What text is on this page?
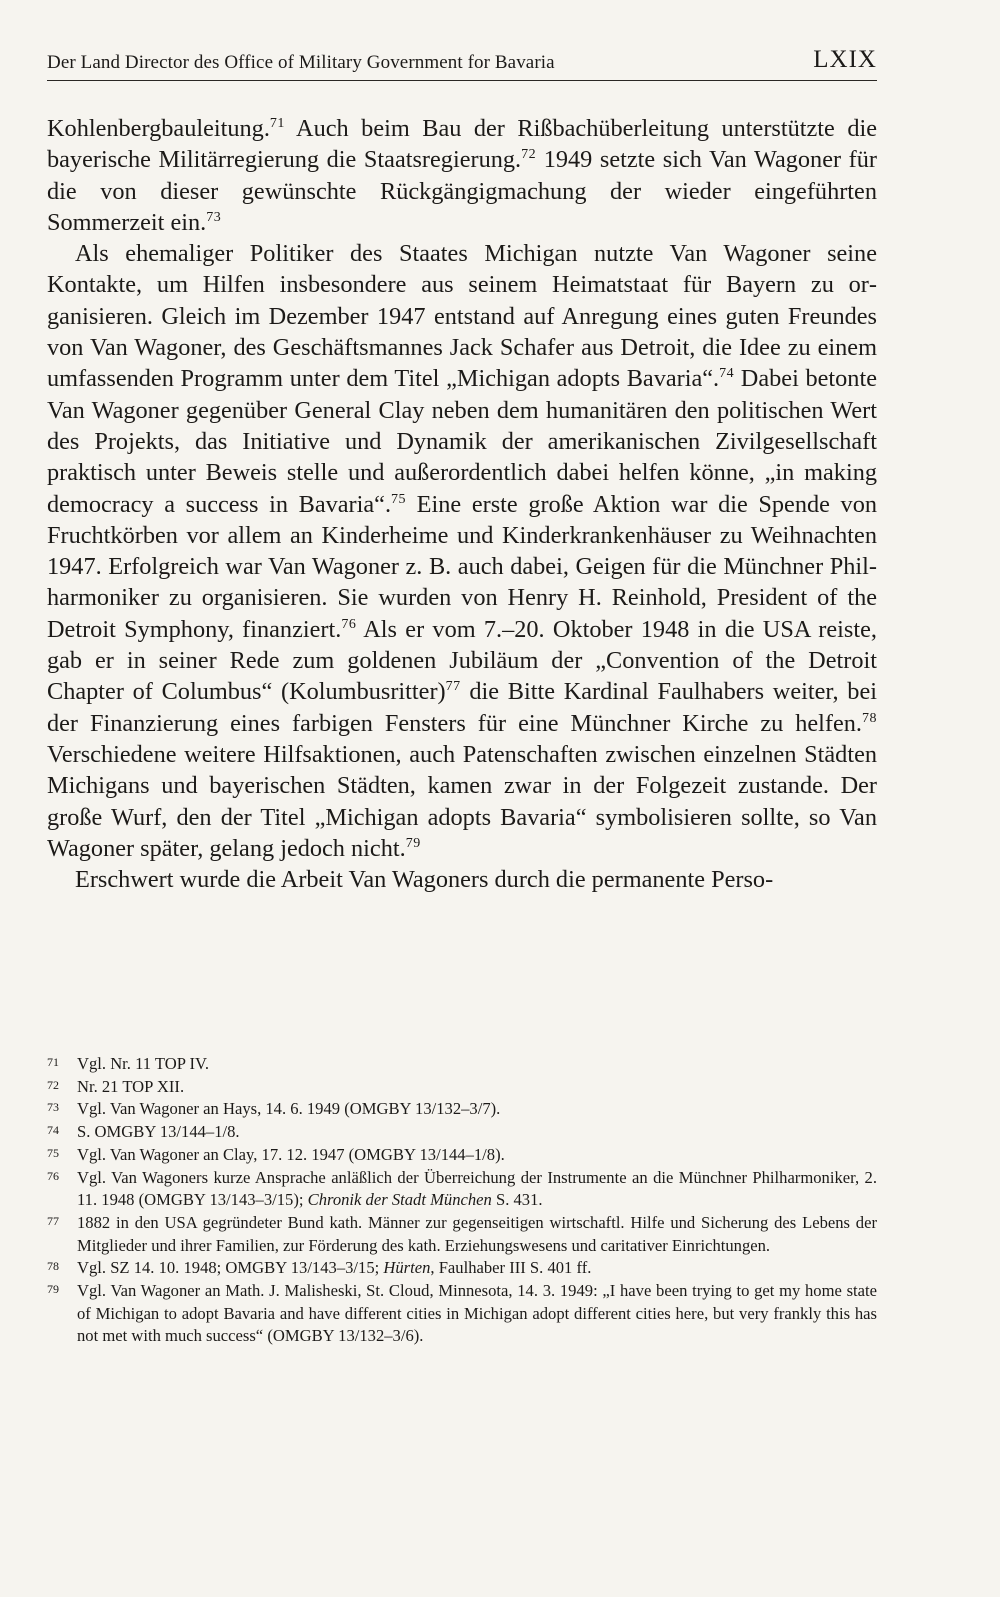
Der Land Director des Office of Military Government for Bavaria	LXIX

Kohlenbergbauleitung.$^{71}$ Auch beim Bau der Rißbachüberleitung unterstützte die bayerische Militärregierung die Staatsregierung.$^{72}$ 1949 setzte sich Van Wagoner für die von dieser gewünschte Rückgängigmachung der wieder eingeführten Sommerzeit ein.$^{73}$

Als ehemaliger Politiker des Staates Michigan nutzte Van Wagoner seine Kontakte, um Hilfen insbesondere aus seinem Heimatstaat für Bayern zu organisieren. Gleich im Dezember 1947 entstand auf Anregung eines guten Freundes von Van Wagoner, des Geschäftsmannes Jack Schafer aus Detroit, die Idee zu einem umfassenden Programm unter dem Titel „Michigan adopts Bavaria“.$^{74}$ Dabei betonte Van Wagoner gegenüber General Clay neben dem humanitären den politischen Wert des Projekts, das Initiative und Dynamik der amerikanischen Zivilgesellschaft praktisch unter Beweis stelle und außerordentlich dabei helfen könne, „in making democracy a success in Bavaria“.$^{75}$ Eine erste große Aktion war die Spende von Fruchtkörben vor allem an Kinderheime und Kinderkrankenhäuser zu Weihnachten 1947. Erfolgreich war Van Wagoner z. B. auch dabei, Geigen für die Münchner Philharmoniker zu organisieren. Sie wurden von Henry H. Reinhold, President of the Detroit Symphony, finanziert.$^{76}$ Als er vom 7.–20. Oktober 1948 in die USA reiste, gab er in seiner Rede zum goldenen Jubiläum der „Convention of the Detroit Chapter of Columbus“ (Kolumbusritter)$^{77}$ die Bitte Kardinal Faulhabers weiter, bei der Finanzierung eines farbigen Fensters für eine Münchner Kirche zu helfen.$^{78}$ Verschiedene weitere Hilfsaktionen, auch Patenschaften zwischen einzelnen Städten Michigans und bayerischen Städten, kamen zwar in der Folgezeit zustande. Der große Wurf, den der Titel „Michigan adopts Bavaria“ symbolisieren sollte, so Van Wagoner später, gelang jedoch nicht.$^{79}$

Erschwert wurde die Arbeit Van Wagoners durch die permanente Perso-

71 Vgl. Nr. 11 TOP IV.
72 Nr. 21 TOP XII.
73 Vgl. Van Wagoner an Hays, 14. 6. 1949 (OMGBY 13/132–3/7).
74 S. OMGBY 13/144–1/8.
75 Vgl. Van Wagoner an Clay, 17. 12. 1947 (OMGBY 13/144–1/8).
76 Vgl. Van Wagoners kurze Ansprache anläßlich der Überreichung der Instrumente an die Münchner Philharmoniker, 2. 11. 1948 (OMGBY 13/143–3/15); Chronik der Stadt München S. 431.
77 1882 in den USA gegründeter Bund kath. Männer zur gegenseitigen wirtschaftl. Hilfe und Sicherung des Lebens der Mitglieder und ihrer Familien, zur Förderung des kath. Erziehungswesens und caritativer Einrichtungen.
78 Vgl. SZ 14. 10. 1948; OMGBY 13/143–3/15; Hürten, Faulhaber III S. 401 ff.
79 Vgl. Van Wagoner an Math. J. Malisheski, St. Cloud, Minnesota, 14. 3. 1949: „I have been trying to get my home state of Michigan to adopt Bavaria and have different cities in Michigan adopt different cities here, but very frankly this has not met with much success“ (OMGBY 13/132–3/6).
